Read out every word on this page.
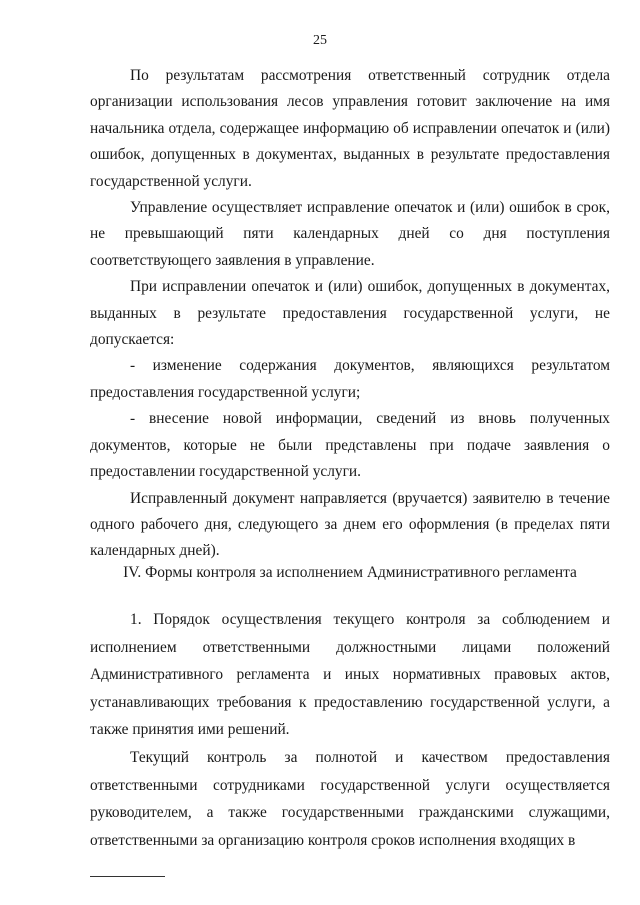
25

По результатам рассмотрения ответственный сотрудник отдела организации использования лесов управления готовит заключение на имя начальника отдела, содержащее информацию об исправлении опечаток и (или) ошибок, допущенных в документах, выданных в результате предоставления государственной услуги.

Управление осуществляет исправление опечаток и (или) ошибок в срок, не превышающий пяти календарных дней со дня поступления соответствующего заявления в управление.

При исправлении опечаток и (или) ошибок, допущенных в документах, выданных в результате предоставления государственной услуги, не допускается:

- изменение содержания документов, являющихся результатом предоставления государственной услуги;

- внесение новой информации, сведений из вновь полученных документов, которые не были представлены при подаче заявления о предоставлении государственной услуги.

Исправленный документ направляется (вручается) заявителю в течение одного рабочего дня, следующего за днем его оформления (в пределах пяти календарных дней).

IV. Формы контроля за исполнением Административного регламента

1. Порядок осуществления текущего контроля за соблюдением и исполнением ответственными должностными лицами положений Административного регламента и иных нормативных правовых актов, устанавливающих требования к предоставлению государственной услуги, а также принятия ими решений.

Текущий контроль за полнотой и качеством предоставления ответственными сотрудниками государственной услуги осуществляется руководителем, а также государственными гражданскими служащими, ответственными за организацию контроля сроков исполнения входящих в
